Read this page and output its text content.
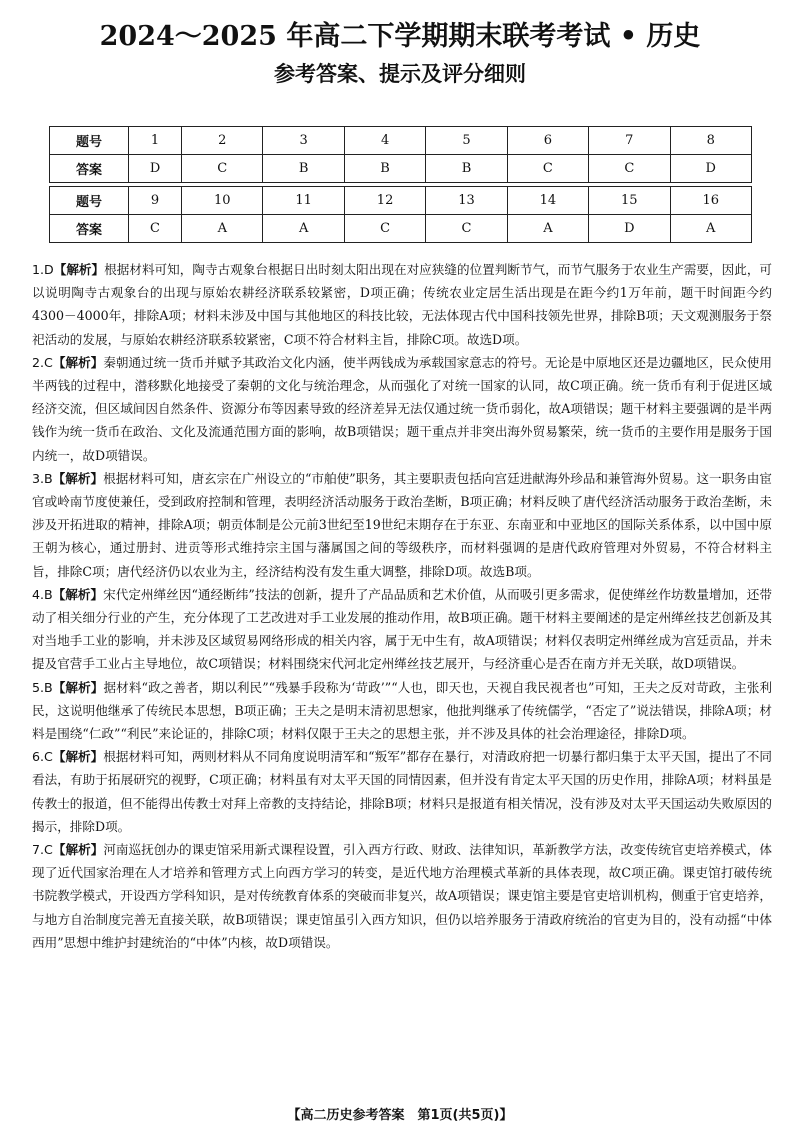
2024～2025 年高二下学期期末联考考试 • 历史
参考答案、提示及评分细则
题号	1	2	3	4	5	6	7	8
答案	D	C	B	B	B	C	C	D

题号	9	10	11	12	13	14	15	16
答案	C	A	A	C	C	A	D	A

1.D【解析】根据材料可知，陶寺古观象台根据日出时刻太阳出现在对应狭缝的位置判断节气，而节气服务于农业生产需要，因此，可以说明陶寺古观象台的出现与原始农耕经济联系较紧密，D项正确；传统农业定居生活出现是在距今约1万年前，题干时间距今约4300－4000年，排除A项；材料未涉及中国与其他地区的科技比较，无法体现古代中国科技领先世界，排除B项；天文观测服务于祭祀活动的发展，与原始农耕经济联系较紧密，C项不符合材料主旨，排除C项。故选D项。

2.C【解析】秦朝通过统一货币并赋予其政治文化内涵，使半两钱成为承载国家意志的符号。无论是中原地区还是边疆地区，民众使用半两钱的过程中，潜移默化地接受了秦朝的文化与统治理念，从而强化了对统一国家的认同，故C项正确。统一货币有利于促进区域经济交流，但区域间因自然条件、资源分布等因素导致的经济差异无法仅通过统一货币弱化，故A项错误；题干材料主要强调的是半两钱作为统一货币在政治、文化及流通范围方面的影响，故B项错误；题干重点并非突出海外贸易繁荣，统一货币的主要作用是服务于国内统一，故D项错误。

3.B【解析】根据材料可知，唐玄宗在广州设立的“市舶使”职务，其主要职责包括向宫廷进献海外珍品和兼管海外贸易。这一职务由宦官或岭南节度使兼任，受到政府控制和管理，表明经济活动服务于政治垄断，B项正确；材料反映了唐代经济活动服务于政治垄断，未涉及开拓进取的精神，排除A项；朝贡体制是公元前3世纪至19世纪末期存在于东亚、东南亚和中亚地区的国际关系体系，以中国中原王朝为核心，通过册封、进贡等形式维持宗主国与藩属国之间的等级秩序，而材料强调的是唐代政府管理对外贸易，不符合材料主旨，排除C项；唐代经济仍以农业为主，经济结构没有发生重大调整，排除D项。故选B项。

4.B【解析】宋代定州缂丝因“通经断纬”技法的创新，提升了产品品质和艺术价值，从而吸引更多需求，促使缂丝作坊数量增加，还带动了相关细分行业的产生，充分体现了工艺改进对手工业发展的推动作用，故B项正确。题干材料主要阐述的是定州缂丝技艺创新及其对当地手工业的影响，并未涉及区域贸易网络形成的相关内容，属于无中生有，故A项错误；材料仅表明定州缂丝成为宫廷贡品，并未提及官营手工业占主导地位，故C项错误；材料围绕宋代河北定州缂丝技艺展开，与经济重心是否在南方并无关联，故D项错误。

5.B【解析】据材料“政之善者，期以利民”“残暴手段称为‘苛政’”“人也，即天也，天视自我民视者也”可知，王夫之反对苛政，主张利民，这说明他继承了传统民本思想，B项正确；王夫之是明末清初思想家，他批判继承了传统儒学，“否定了”说法错误，排除A项；材料是围绕“仁政”“利民”来论证的，排除C项；材料仅限于王夫之的思想主张，并不涉及具体的社会治理途径，排除D项。

6.C【解析】根据材料可知，两则材料从不同角度说明清军和“叛军”都存在暴行，对清政府把一切暴行都归集于太平天国，提出了不同看法，有助于拓展研究的视野，C项正确；材料虽有对太平天国的同情因素，但并没有肯定太平天国的历史作用，排除A项；材料虽是传教士的报道，但不能得出传教士对拜上帝教的支持结论，排除B项；材料只是报道有相关情况，没有涉及对太平天国运动失败原因的揭示，排除D项。

7.C【解析】河南巡抚创办的课吏馆采用新式课程设置，引入西方行政、财政、法律知识，革新教学方法，改变传统官吏培养模式，体现了近代国家治理在人才培养和管理方式上向西方学习的转变，是近代地方治理模式革新的具体表现，故C项正确。课吏馆打破传统书院教学模式，开设西方学科知识，是对传统教育体系的突破而非复兴，故A项错误；课吏馆主要是官吏培训机构，侧重于官吏培养，与地方自治制度完善无直接关联，故B项错误；课吏馆虽引入西方知识，但仍以培养服务于清政府统治的官吏为目的，没有动摇“中体西用”思想中维护封建统治的“中体”内核，故D项错误。

【高二历史参考答案　第1页(共5页)】
